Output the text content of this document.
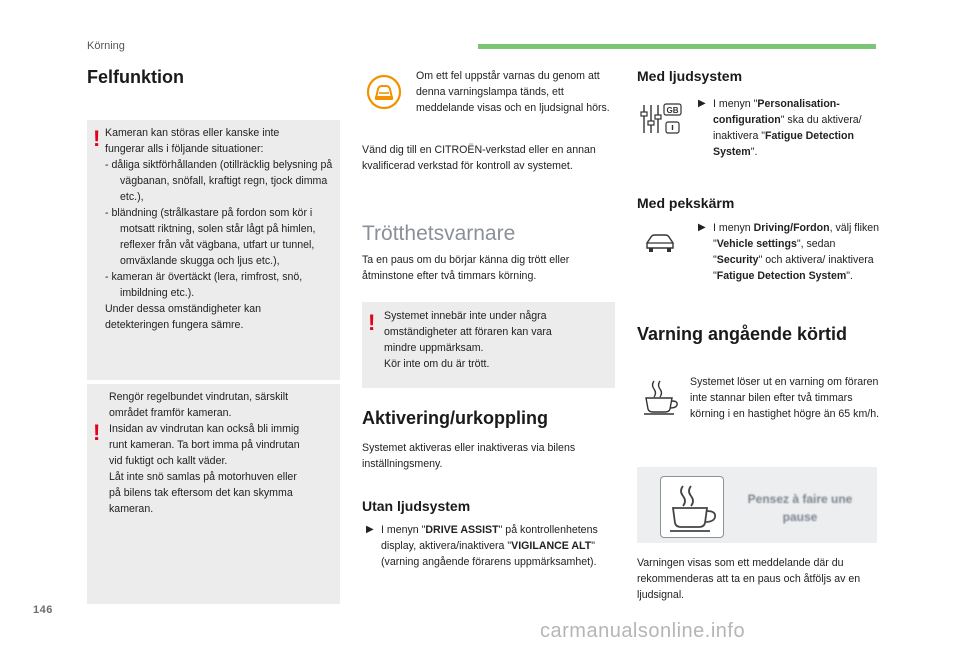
Körning
Felfunktion
! Kameran kan störas eller kanske inte
fungerar alls i följande situationer:
- dåliga siktförhållanden (otillräcklig belysning på vägbanan, snöfall, kraftigt regn, tjock dimma etc.),
- bländning (strålkastare på fordon som kör i motsatt riktning, solen står lågt på himlen, reflexer från våt vägbana, utfart ur tunnel, omväxlande skugga och ljus etc.),
- kameran är övertäckt (lera, rimfrost, snö, imbildning etc.).
Under dessa omständigheter kan
detekteringen fungera sämre.
!
Rengör regelbundet vindrutan, särskilt
området framför kameran.
Insidan av vindrutan kan också bli immig
runt kameran. Ta bort imma på vindrutan
vid fuktigt och kallt väder.
Låt inte snö samlas på motorhuven eller
på bilens tak eftersom det kan skymma
kameran.
Om ett fel uppstår varnas du genom att denna varningslampa tänds, ett meddelande visas och en ljudsignal hörs.
Vänd dig till en CITROËN-verkstad eller en annan kvalificerad verkstad för kontroll av systemet.
Trötthetsvarnare
Ta en paus om du börjar känna dig trött eller åtminstone efter två timmars körning.
! Systemet innebär inte under några
omständigheter att föraren kan vara
mindre uppmärksam.
Kör inte om du är trött.
Aktivering/urkoppling
Systemet aktiveras eller inaktiveras via bilens inställningsmeny.
Utan ljudsystem
▶ I menyn "DRIVE ASSIST" på kontrollenhetens display, aktivera/inaktivera "VIGILANCE ALT" (varning angående förarens uppmärksamhet).
Med ljudsystem
GB
▶ I menyn "Personalisation-configuration" ska du aktivera/ inaktivera "Fatigue Detection System".
Med pekskärm
▶ I menyn Driving/Fordon, välj fliken "Vehicle settings", sedan "Security" och aktivera/ inaktivera "Fatigue Detection System".
Varning angående körtid
Systemet löser ut en varning om föraren inte stannar bilen efter två timmars körning i en hastighet högre än 65 km/h.
Pensez à faire une pause
Varningen visas som ett meddelande där du rekommenderas att ta en paus och åtföljs av en ljudsignal.
146
carmanualsonline.info
